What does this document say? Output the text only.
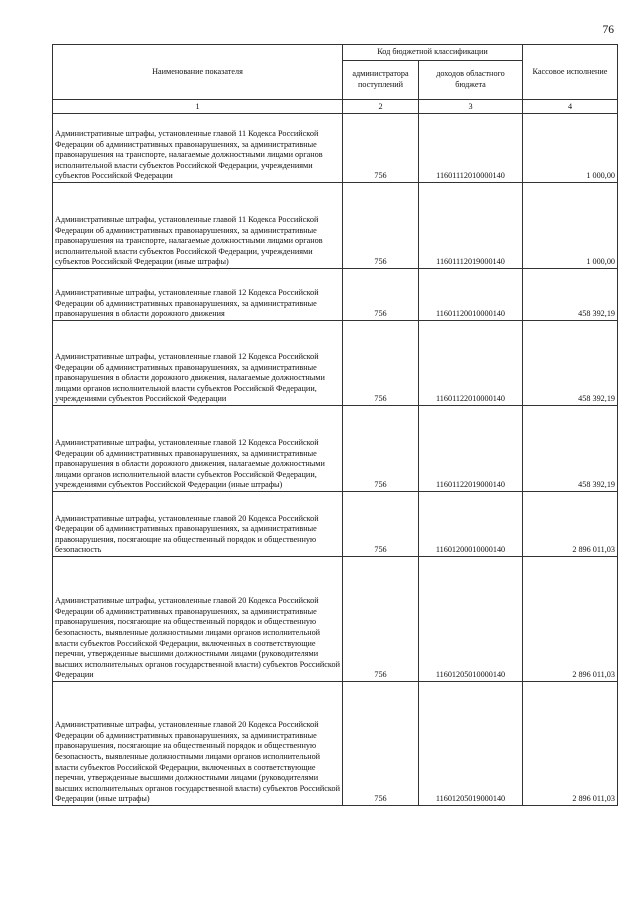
76
Наименование показателя	Код бюджетной классификации		Кассовое исполнение
	администратора поступлений	доходов областного бюджета	
1	2	3	4
Административные штрафы, установленные главой 11 Кодекса Российской Федерации об административных правонарушениях, за административные правонарушения на транспорте, налагаемые должностными лицами органов исполнительной власти субъектов Российской Федерации, учреждениями субъектов Российской Федерации	756	11601112010000140	1 000,00
Административные штрафы, установленные главой 11 Кодекса Российской Федерации об административных правонарушениях, за административные правонарушения на транспорте, налагаемые должностными лицами органов исполнительной власти субъектов Российской Федерации, учреждениями субъектов Российской Федерации (иные штрафы)	756	11601112019000140	1 000,00
Административные штрафы, установленные главой 12 Кодекса Российской Федерации об административных правонарушениях, за административные правонарушения в области дорожного движения	756	11601120010000140	458 392,19
Административные штрафы, установленные главой 12 Кодекса Российской Федерации об административных правонарушениях, за административные правонарушения в области дорожного движения, налагаемые должностными лицами органов исполнительной власти субъектов Российской Федерации, учреждениями субъектов Российской Федерации	756	11601122010000140	458 392,19
Административные штрафы, установленные главой 12 Кодекса Российской Федерации об административных правонарушениях, за административные правонарушения в области дорожного движения, налагаемые должностными лицами органов исполнительной власти субъектов Российской Федерации, учреждениями субъектов Российской Федерации (иные штрафы)	756	11601122019000140	458 392,19
Административные штрафы, установленные главой 20 Кодекса Российской Федерации об административных правонарушениях, за административные правонарушения, посягающие на общественный порядок и общественную безопасность	756	11601200010000140	2 896 011,03
Административные штрафы, установленные главой 20 Кодекса Российской Федерации об административных правонарушениях, за административные правонарушения, посягающие на общественный порядок и общественную безопасность, выявленные должностными лицами органов исполнительной власти субъектов Российской Федерации, включенных в соответствующие перечни, утвержденные высшими должностными лицами (руководителями высших исполнительных органов государственной власти) субъектов Российской Федерации	756	11601205010000140	2 896 011,03
Административные штрафы, установленные главой 20 Кодекса Российской Федерации об административных правонарушениях, за административные правонарушения, посягающие на общественный порядок и общественную безопасность, выявленные должностными лицами органов исполнительной власти субъектов Российской Федерации, включенных в соответствующие перечни, утвержденные высшими должностными лицами (руководителями высших исполнительных органов государственной власти) субъектов Российской Федерации (иные штрафы)	756	11601205019000140	2 896 011,03
